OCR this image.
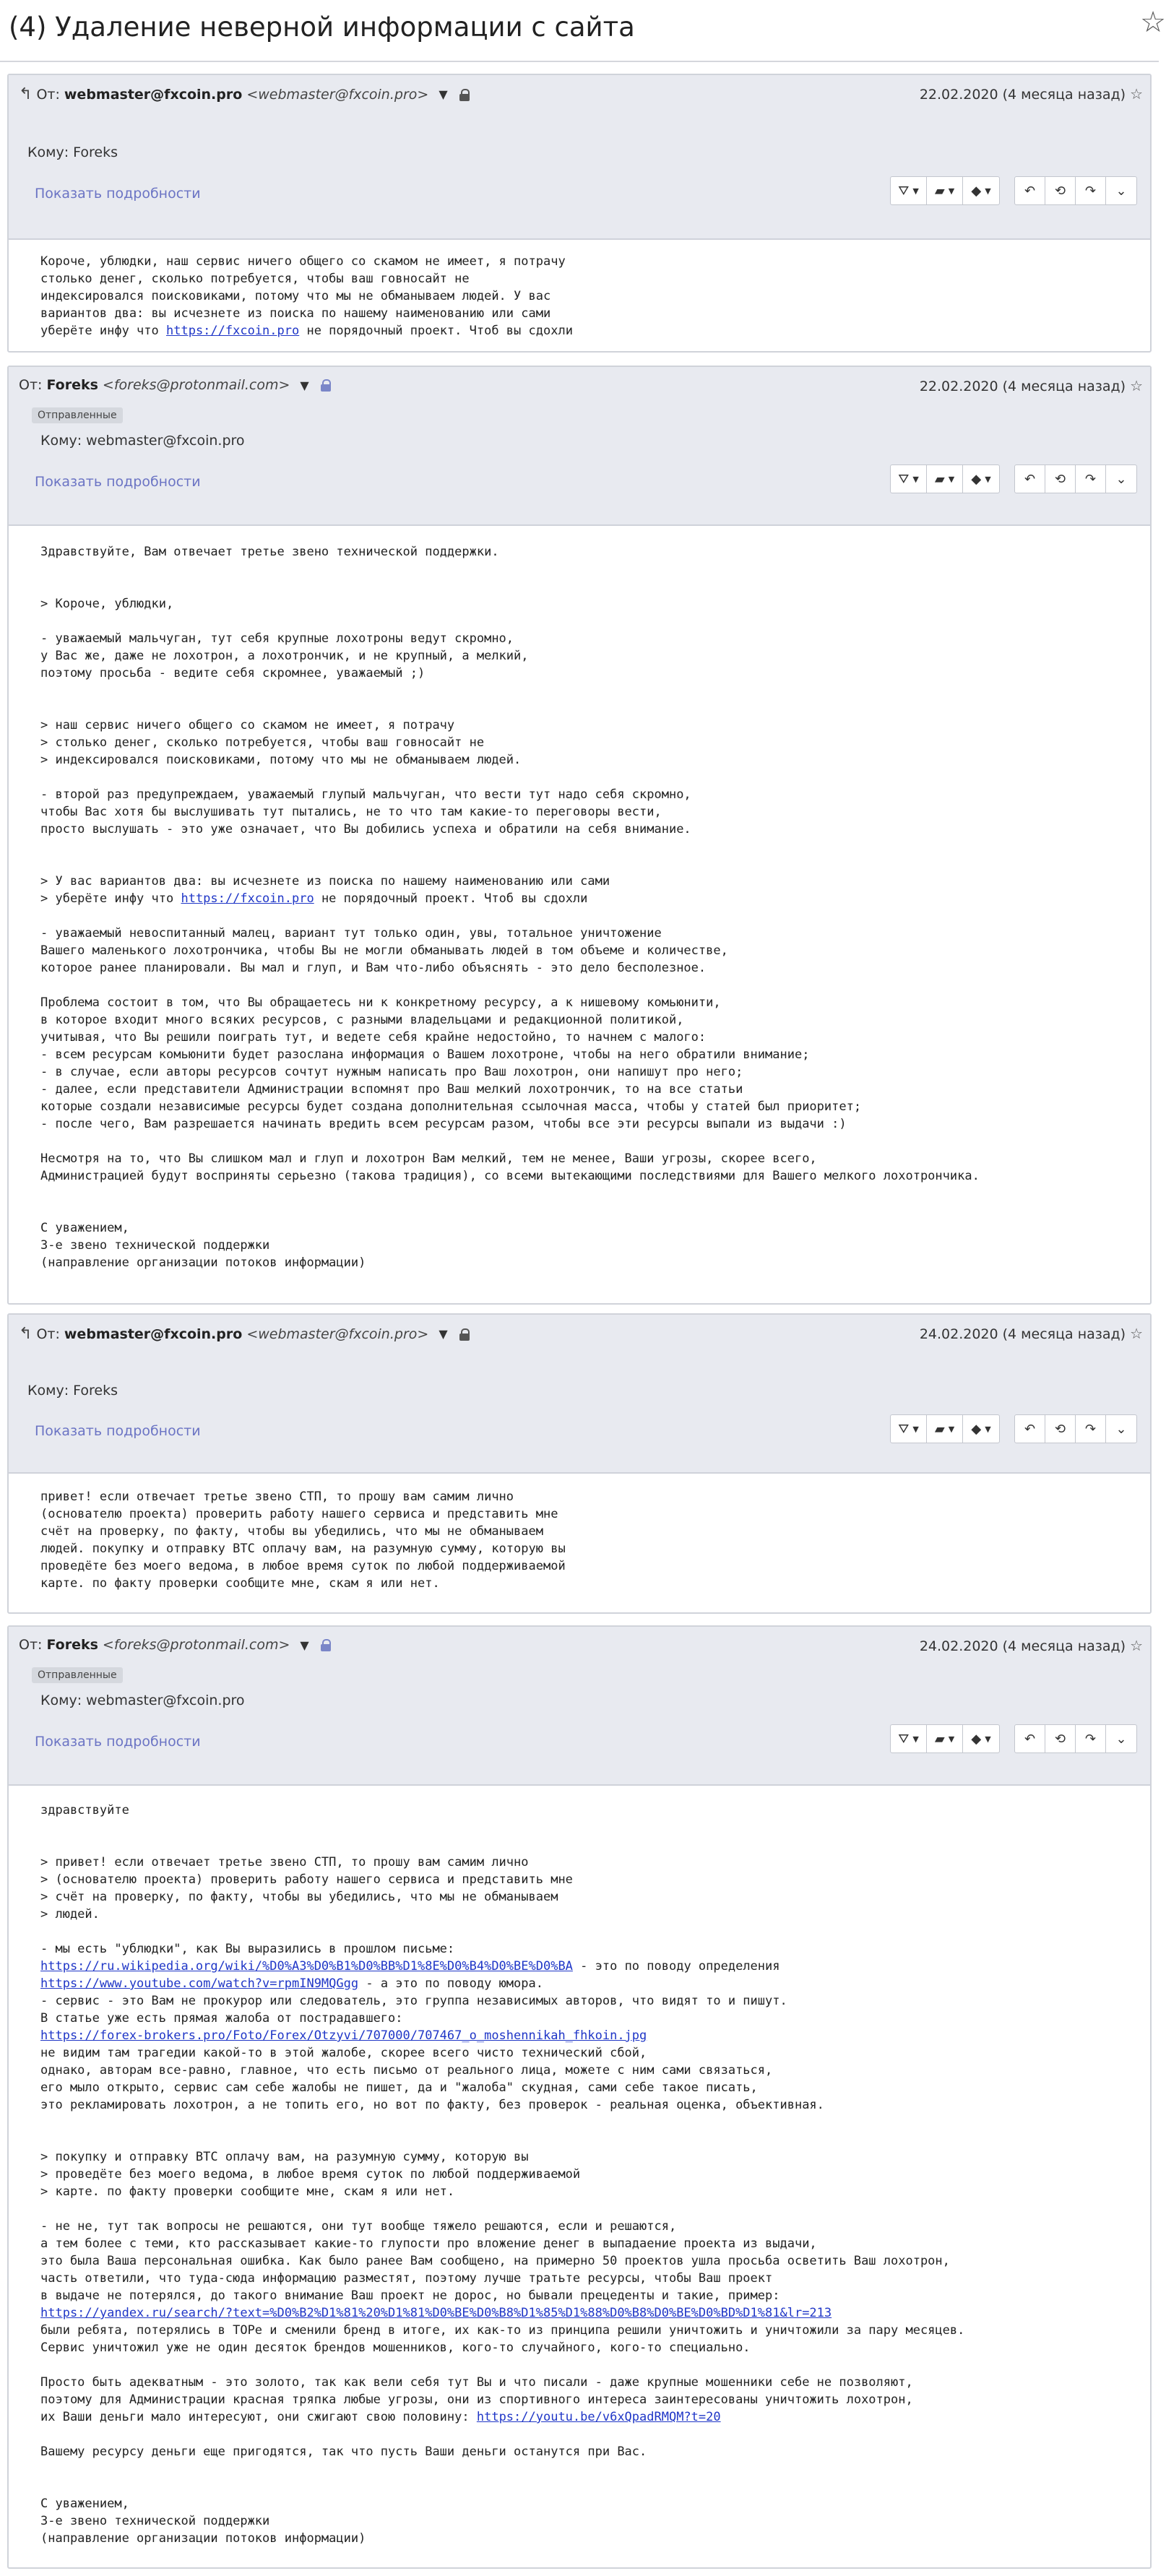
(4) Удаление неверной информации с сайта	☆
↰ От: webmaster@fxcoin.pro <webmaster@fxcoin.pro> ▼	22.02.2020 (4 месяца назад) ☆
Кому: Foreks
Показать подробности	⛛ ▼ ▰ ▼ ◆ ▼	↶ ⟲ ↷ ⌄
Короче, ублюдки, наш сервис ничего общего со скамом не имеет, я потрачу
столько денег, сколько потребуется, чтобы ваш говносайт не
индексировался поисковиками, потому что мы не обманываем людей. У вас
вариантов два: вы исчезнете из поиска по нашему наименованию или сами
уберёте инфу что https://fxcoin.pro не порядочный проект. Чтоб вы сдохли
От: Foreks <foreks@protonmail.com> ▼	22.02.2020 (4 месяца назад) ☆
Отправленные
Кому: webmaster@fxcoin.pro
Показать подробности	⛛ ▼ ▰ ▼ ◆ ▼	↶ ⟲ ↷ ⌄
Здравствуйте, Вам отвечает третье звено технической поддержки.

> Короче, ублюдки,

- уважаемый мальчуган, тут себя крупные лохотроны ведут скромно,
у Вас же, даже не лохотрон, а лохотрончик, и не крупный, а мелкий,
поэтому просьба - ведите себя скромнее, уважаемый ;)

> наш сервис ничего общего со скамом не имеет, я потрачу
> столько денег, сколько потребуется, чтобы ваш говносайт не
> индексировался поисковиками, потому что мы не обманываем людей.

- второй раз предупреждаем, уважаемый глупый мальчуган, что вести тут надо себя скромно,
чтобы Вас хотя бы выслушивать тут пытались, не то что там какие-то переговоры вести,
просто выслушать - это уже означает, что Вы добились успеха и обратили на себя внимание.

> У вас вариантов два: вы исчезнете из поиска по нашему наименованию или сами
> уберёте инфу что https://fxcoin.pro не порядочный проект. Чтоб вы сдохли

- уважаемый невоспитанный малец, вариант тут только один, увы, тотальное уничтожение
Вашего маленького лохотрончика, чтобы Вы не могли обманывать людей в том объеме и количестве,
которое ранее планировали. Вы мал и глуп, и Вам что-либо объяснять - это дело бесполезное.

Проблема состоит в том, что Вы обращаетесь ни к конкретному ресурсу, а к нишевому комьюнити,
в которое входит много всяких ресурсов, с разными владельцами и редакционной политикой,
учитывая, что Вы решили поиграть тут, и ведете себя крайне недостойно, то начнем с малого:
- всем ресурсам комьюнити будет разослана информация о Вашем лохотроне, чтобы на него обратили внимание;
- в случае, если авторы ресурсов сочтут нужным написать про Ваш лохотрон, они напишут про него;
- далее, если представители Администрации вспомнят про Ваш мелкий лохотрончик, то на все статьи
которые создали независимые ресурсы будет создана дополнительная ссылочная масса, чтобы у статей был приоритет;
- после чего, Вам разрешается начинать вредить всем ресурсам разом, чтобы все эти ресурсы выпали из выдачи :)

Несмотря на то, что Вы слишком мал и глуп и лохотрон Вам мелкий, тем не менее, Ваши угрозы, скорее всего,
Администрацией будут восприняты серьезно (такова традиция), со всеми вытекающими последствиями для Вашего мелкого лохотрончика.

С уважением,
3-е звено технической поддержки
(направление организации потоков информации)
↰ От: webmaster@fxcoin.pro <webmaster@fxcoin.pro> ▼	24.02.2020 (4 месяца назад) ☆
Кому: Foreks
Показать подробности	⛛ ▼ ▰ ▼ ◆ ▼	↶ ⟲ ↷ ⌄
привет! если отвечает третье звено СТП, то прошу вам самим лично
(основателю проекта) проверить работу нашего сервиса и представить мне
счёт на проверку, по факту, чтобы вы убедились, что мы не обманываем
людей. покупку и отправку BTC оплачу вам, на разумную сумму, которую вы
проведёте без моего ведома, в любое время суток по любой поддерживаемой
карте. по факту проверки сообщите мне, скам я или нет.
От: Foreks <foreks@protonmail.com> ▼	24.02.2020 (4 месяца назад) ☆
Отправленные
Кому: webmaster@fxcoin.pro
Показать подробности	⛛ ▼ ▰ ▼ ◆ ▼	↶ ⟲ ↷ ⌄
здравствуйте

> привет! если отвечает третье звено СТП, то прошу вам самим лично
> (основателю проекта) проверить работу нашего сервиса и представить мне
> счёт на проверку, по факту, чтобы вы убедились, что мы не обманываем
> людей.

- мы есть "ублюдки", как Вы выразились в прошлом письме:
https://ru.wikipedia.org/wiki/%D0%A3%D0%B1%D0%BB%D1%8E%D0%B4%D0%BE%D0%BA - это по поводу определения
https://www.youtube.com/watch?v=rpmIN9MQGgg - а это по поводу юмора.
- сервис - это Вам не прокурор или следователь, это группа независимых авторов, что видят то и пишут.
В статье уже есть прямая жалоба от пострадавшего:
https://forex-brokers.pro/Foto/Forex/Otzyvi/707000/707467_o_moshennikah_fhkoin.jpg
не видим там трагедии какой-то в этой жалобе, скорее всего чисто технический сбой,
однако, авторам все-равно, главное, что есть письмо от реального лица, можете с ним сами связаться,
его мыло открыто, сервис сам себе жалобы не пишет, да и "жалоба" скудная, сами себе такое писать,
это рекламировать лохотрон, а не топить его, но вот по факту, без проверок - реальная оценка, объективная.

> покупку и отправку BTC оплачу вам, на разумную сумму, которую вы
> проведёте без моего ведома, в любое время суток по любой поддерживаемой
> карте. по факту проверки сообщите мне, скам я или нет.

- не не, тут так вопросы не решаются, они тут вообще тяжело решаются, если и решаются,
а тем более с теми, кто рассказывает какие-то глупости про вложение денег в выпадаение проекта из выдачи,
это была Ваша персональная ошибка. Как было ранее Вам сообщено, на примерно 50 проектов ушла просьба осветить Ваш лохотрон,
часть ответили, что туда-сюда информацию разместят, поэтому лучше тратьте ресурсы, чтобы Ваш проект
в выдаче не потерялся, до такого внимание Ваш проект не дорос, но бывали прецеденты и такие, пример:
https://yandex.ru/search/?text=%D0%B2%D1%81%20%D1%81%D0%BE%D0%B8%D1%85%D1%88%D0%B8%D0%BE%D0%BD%D1%81&lr=213
были ребята, потерялись в ТОРе и сменили бренд в итоге, их как-то из принципа решили уничтожить и уничтожили за пару месяцев.
Сервис уничтожил уже не один десяток брендов мошенников, кого-то случайного, кого-то специально.

Просто быть адекватным - это золото, так как вели себя тут Вы и что писали - даже крупные мошенники себе не позволяют,
поэтому для Администрации красная тряпка любые угрозы, они из спортивного интереса заинтересованы уничтожить лохотрон,
их Ваши деньги мало интересуют, они сжигают свою половину: https://youtu.be/v6xQpadRMQM?t=20

Вашему ресурсу деньги еще пригодятся, так что пусть Ваши деньги останутся при Вас.

С уважением,
3-е звено технической поддержки
(направление организации потоков информации)
